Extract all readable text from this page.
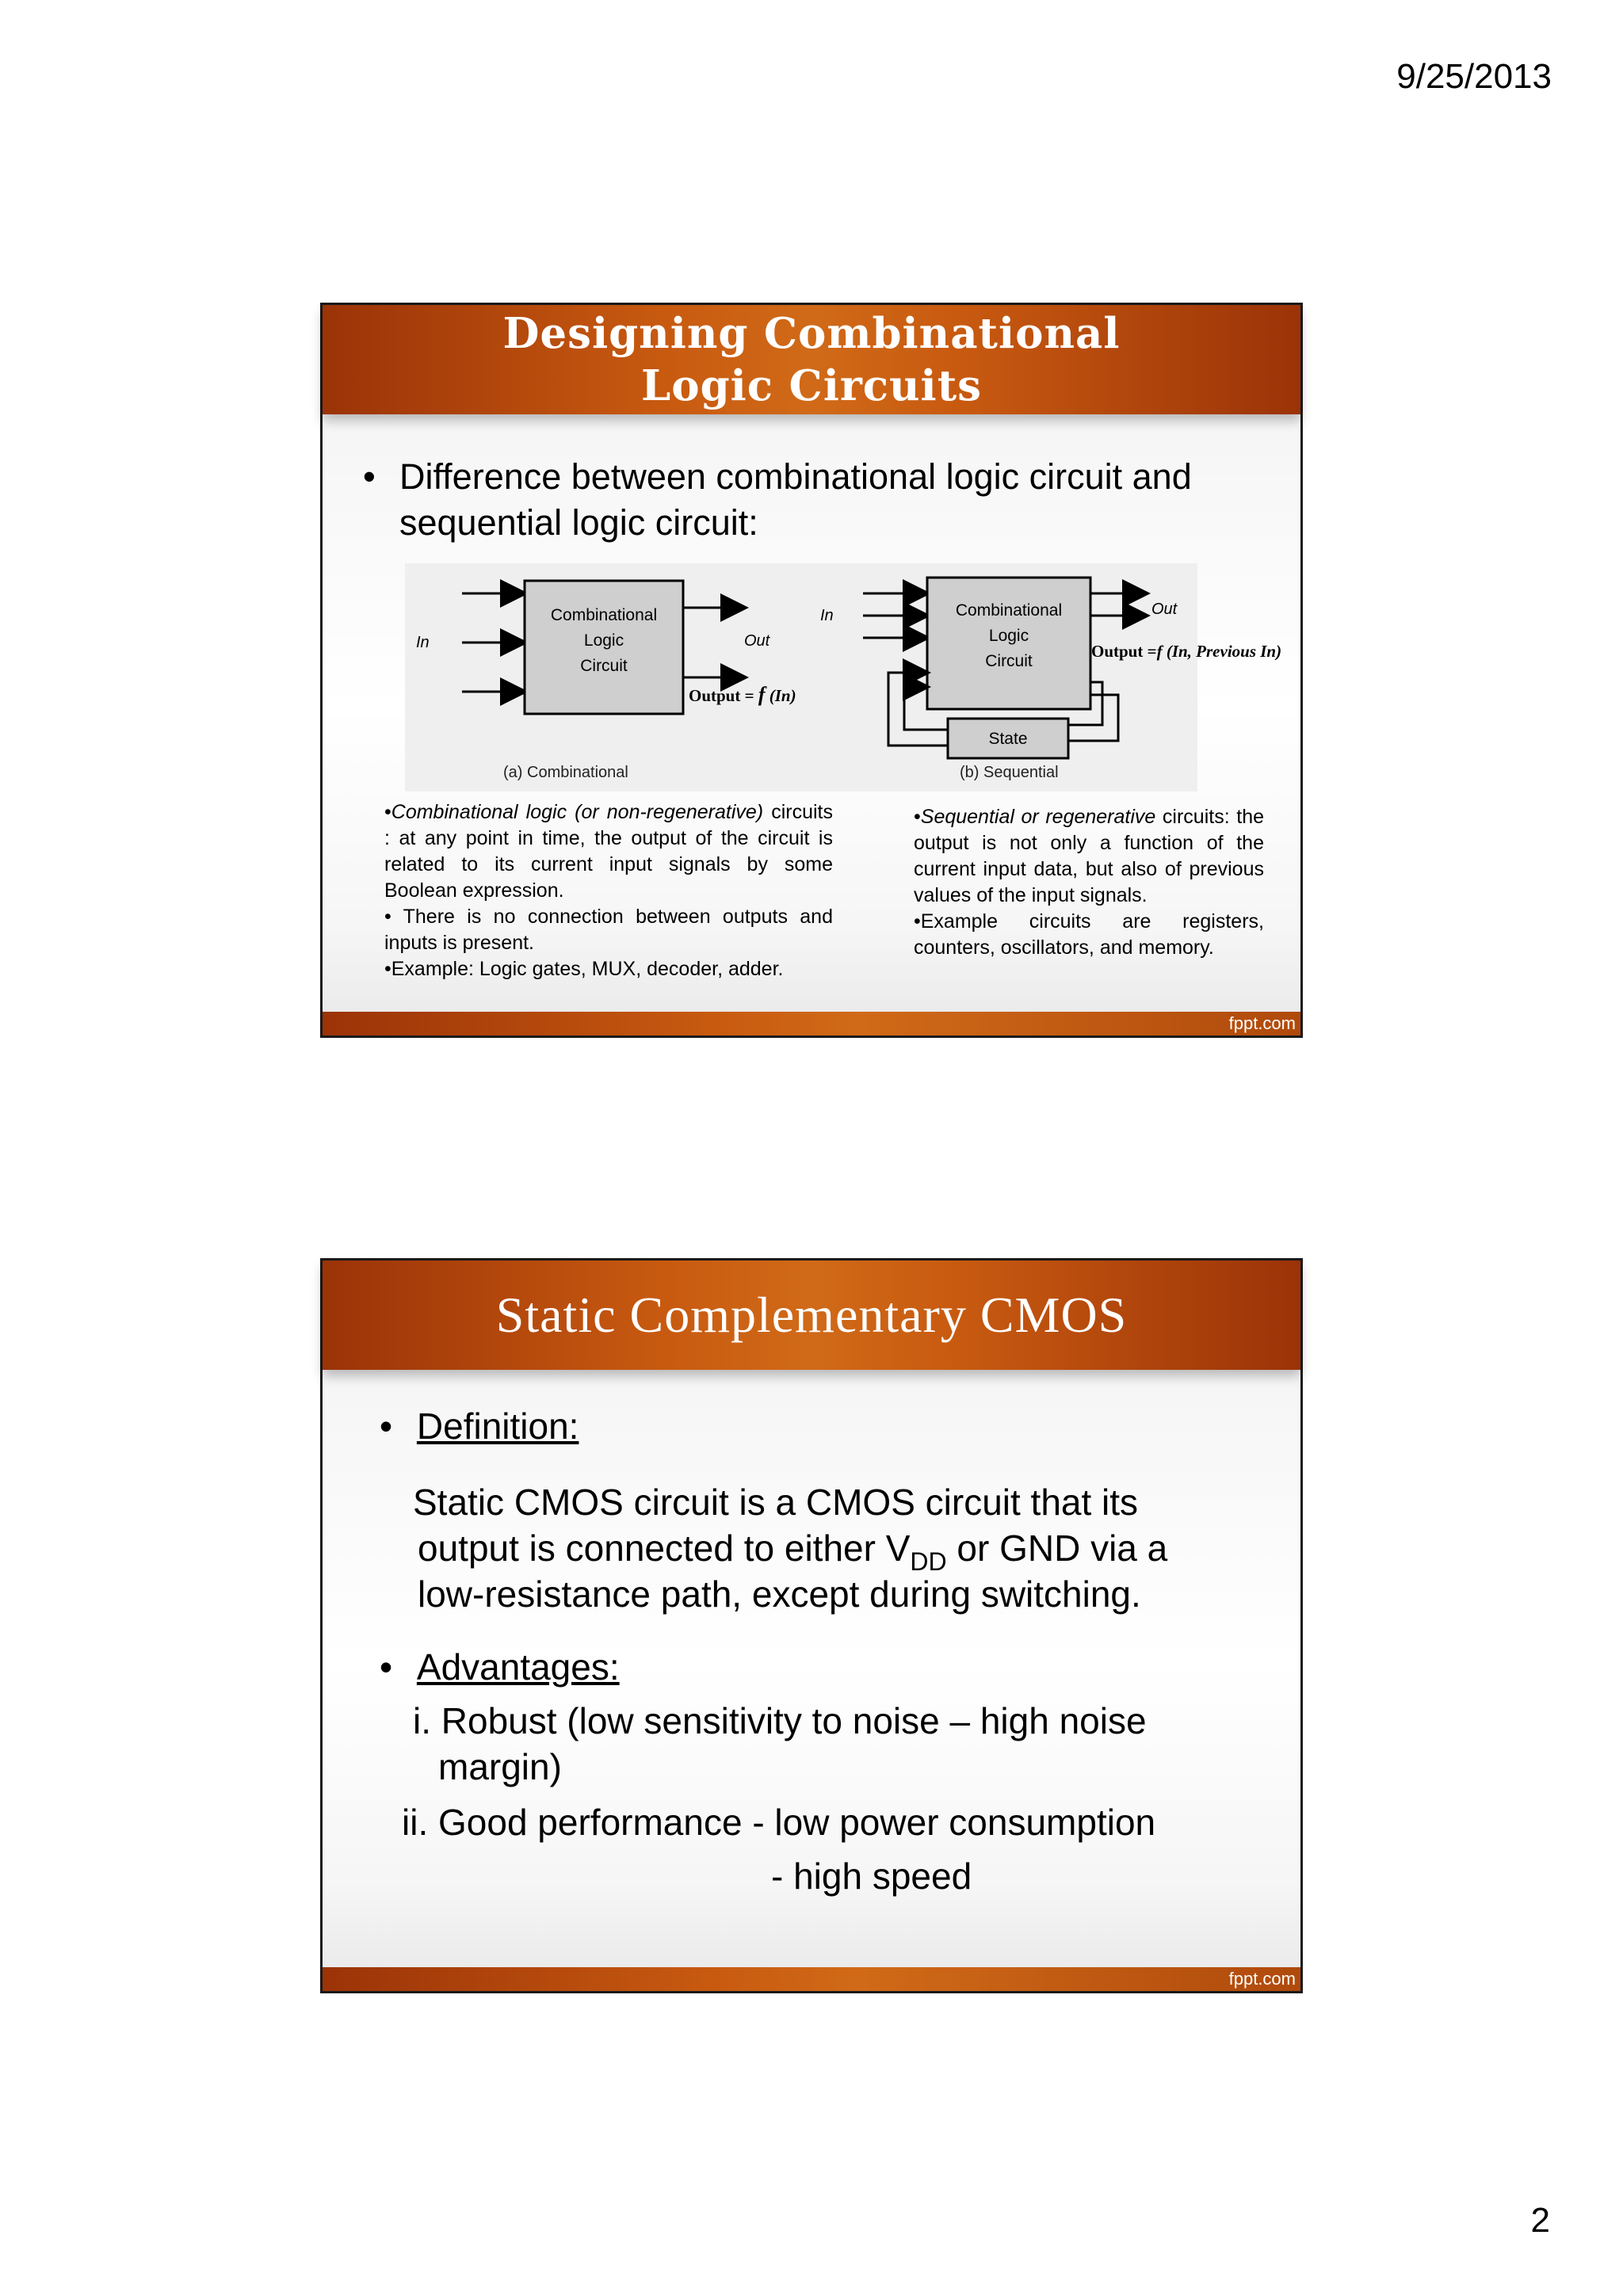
9/25/2013
Designing Combinational Logic Circuits
• Difference between combinational logic circuit and sequential logic circuit:
Combinational
Logic
Circuit
In	Out
Output = f (In)
(a) Combinational
In	Combinational
Logic
Circuit
Out
Output =f (In, Previous In)
State
(b) Sequential

•Combinational logic (or non-regenerative) circuits : at any point in time, the output of the circuit is related to its current input signals by some Boolean expression.

• There is no connection between outputs and inputs is present.

•Example: Logic gates, MUX, decoder, adder.

•Sequential or regenerative circuits: the output is not only a function of the current input data, but also of previous values of the input signals.

•Example circuits are registers, counters, oscillators, and memory.

fppt.com
Static Complementary CMOS
• Definition:
Static CMOS circuit is a CMOS circuit that its
output is connected to either $V_{DD}$ or GND via a
low-resistance path, except during switching.
• Advantages:
i. Robust (low sensitivity to noise – high noise
margin)
ii. Good performance - low power consumption
- high speed
fppt.com
2
